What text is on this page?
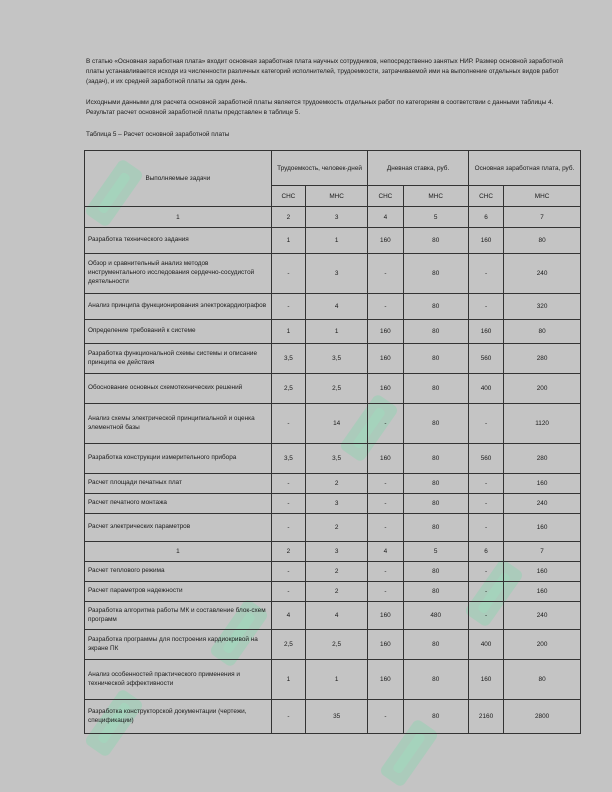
В статью «Основная заработная плата» входит основная заработная плата научных сотрудников, непосредственно занятых НИР. Размер основной заработной платы устанавливается исходя из численности различных категорий исполнителей, трудоемкости, затрачиваемой ими на выполнение отдельных видов работ (задач), и их средней заработной платы за один день.

Исходными данными для расчета основной заработной платы является трудоемкость отдельных работ по категориям в соответствии с данными таблицы 4. Результат расчет основной заработной платы представлен в таблице 5.

Таблица 5 – Расчет основной заработной платы

Выполняемые задачи	Трудоемкость, человек-дней		Дневная ставка, руб.		Основная заработная плата, руб.	
	СНС	МНС	СНС	МНС	СНС	МНС
1	2	3	4	5	6	7
Разработка технического задания	1	1	160	80	160	80
Обзор и сравнительный анализ методов инструментального исследования сердечно-сосудистой деятельности	-	3	-	80	-	240
Анализ принципа функционирования электрокардиографов	-	4	-	80	-	320
Определение требований к системе	1	1	160	80	160	80
Разработка функциональной схемы системы и описание принципа ее действия	3,5	3,5	160	80	560	280
Обоснование основных схемотехнических решений	2,5	2,5	160	80	400	200
Анализ схемы электрической принципиальной и оценка элементной базы	-	14	-	80	-	1120
Разработка конструкции измерительного прибора	3,5	3,5	160	80	560	280
Расчет площади печатных плат	-	2	-	80	-	160
Расчет печатного монтажа	-	3	-	80	-	240
Расчет электрических параметров	-	2	-	80	-	160
1	2	3	4	5	6	7
Расчет теплового режима	-	2	-	80	-	160
Расчет параметров надежности	-	2	-	80	-	160
Разработка алгоритма работы МК и составление блок-схем программ	4	4	160	480	-	240
Разработка программы для построения кардиокривой на экране ПК	2,5	2,5	160	80	400	200
Анализ особенностей практического применения и технической эффективности	1	1	160	80	160	80
Разработка конструкторской документации (чертежи, спецификации)	-	35	-	80	2160	2800
